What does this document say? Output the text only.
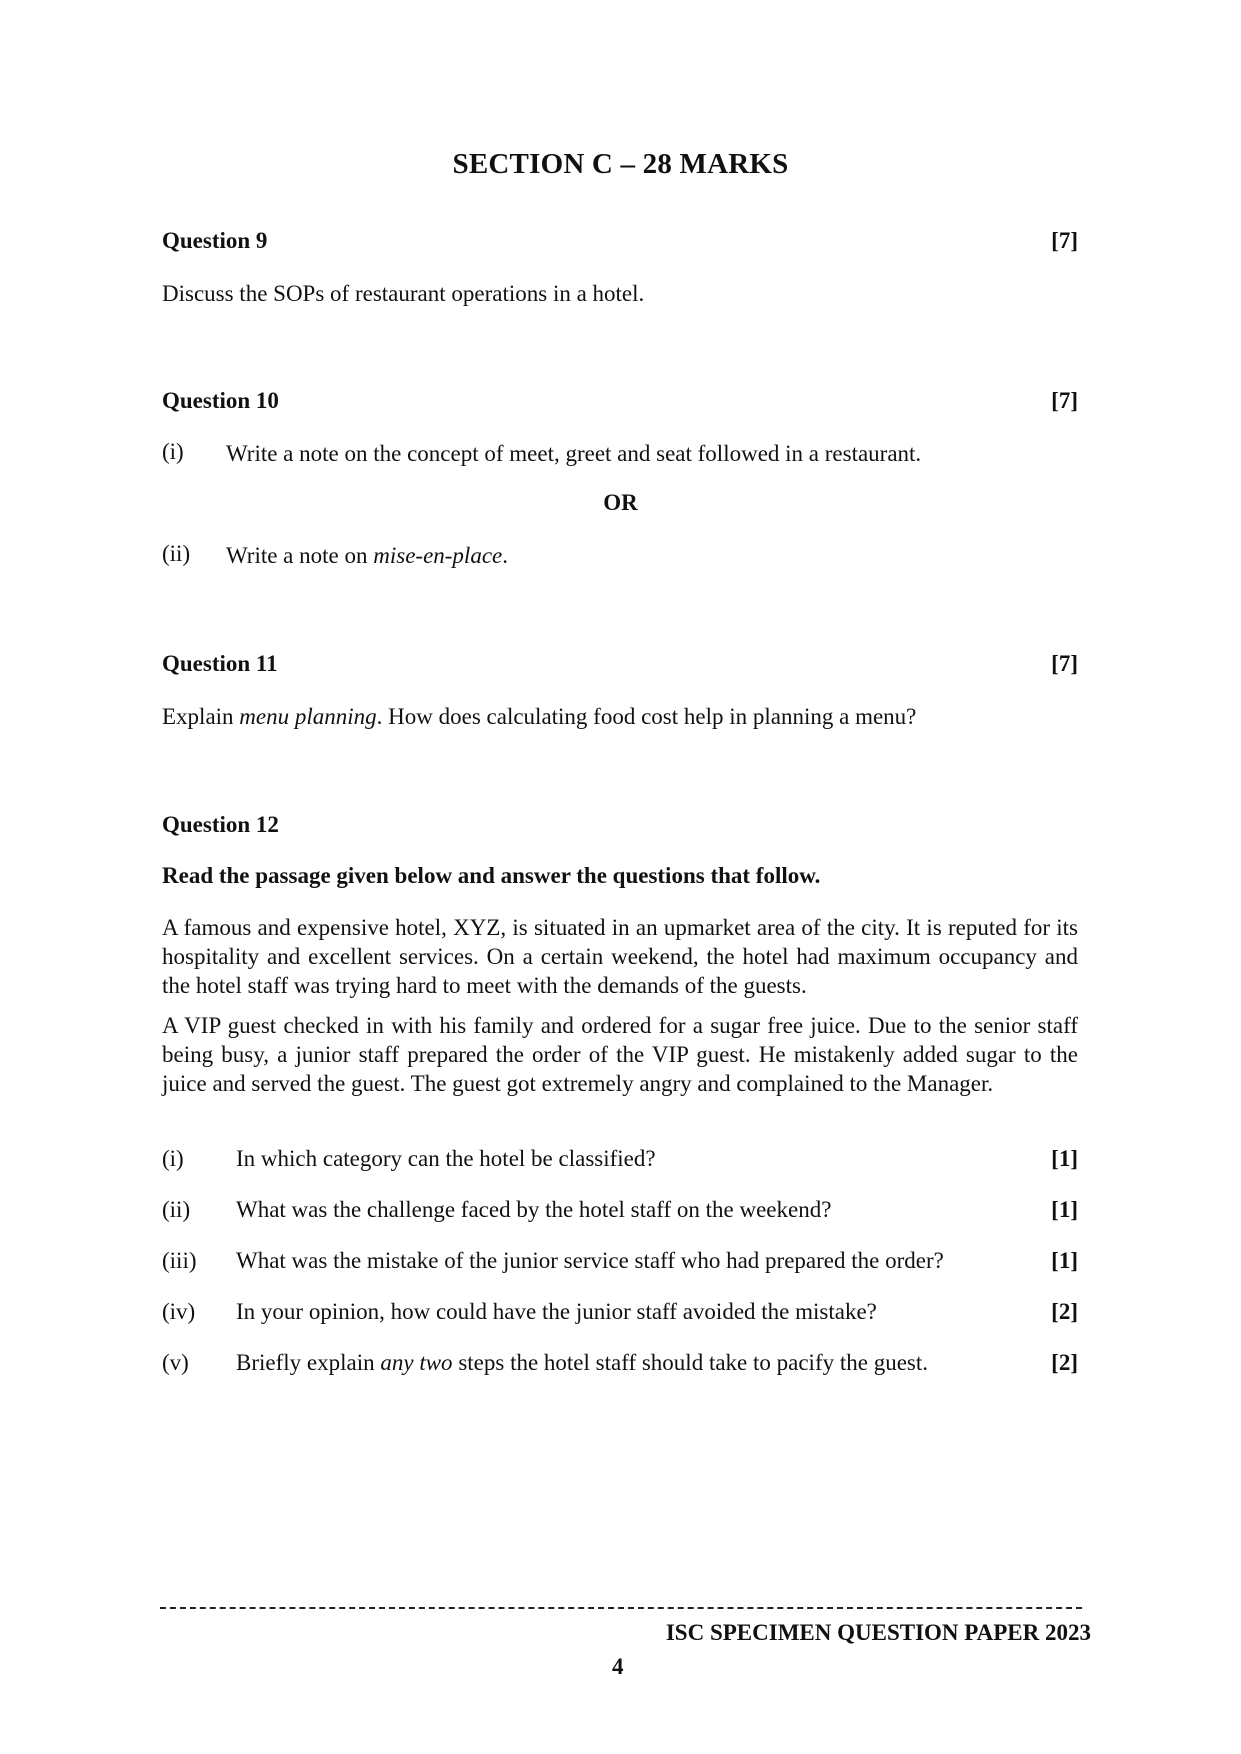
SECTION C – 28 MARKS
Question 9	[7]
Discuss the SOPs of restaurant operations in a hotel.
Question 10	[7]
(i) Write a note on the concept of meet, greet and seat followed in a restaurant.
OR
(ii) Write a note on mise-en-place.
Question 11	[7]
Explain menu planning. How does calculating food cost help in planning a menu?
Question 12
Read the passage given below and answer the questions that follow.
A famous and expensive hotel, XYZ, is situated in an upmarket area of the city. It is reputed for its hospitality and excellent services. On a certain weekend, the hotel had maximum occupancy and the hotel staff was trying hard to meet with the demands of the guests.
A VIP guest checked in with his family and ordered for a sugar free juice. Due to the senior staff being busy, a junior staff prepared the order of the VIP guest. He mistakenly added sugar to the juice and served the guest. The guest got extremely angry and complained to the Manager.
(i) In which category can the hotel be classified?	[1]
(ii) What was the challenge faced by the hotel staff on the weekend?	[1]
(iii) What was the mistake of the junior service staff who had prepared the order?	[1]
(iv) In your opinion, how could have the junior staff avoided the mistake?	[2]
(v) Briefly explain any two steps the hotel staff should take to pacify the guest.	[2]
ISC SPECIMEN QUESTION PAPER 2023
4
